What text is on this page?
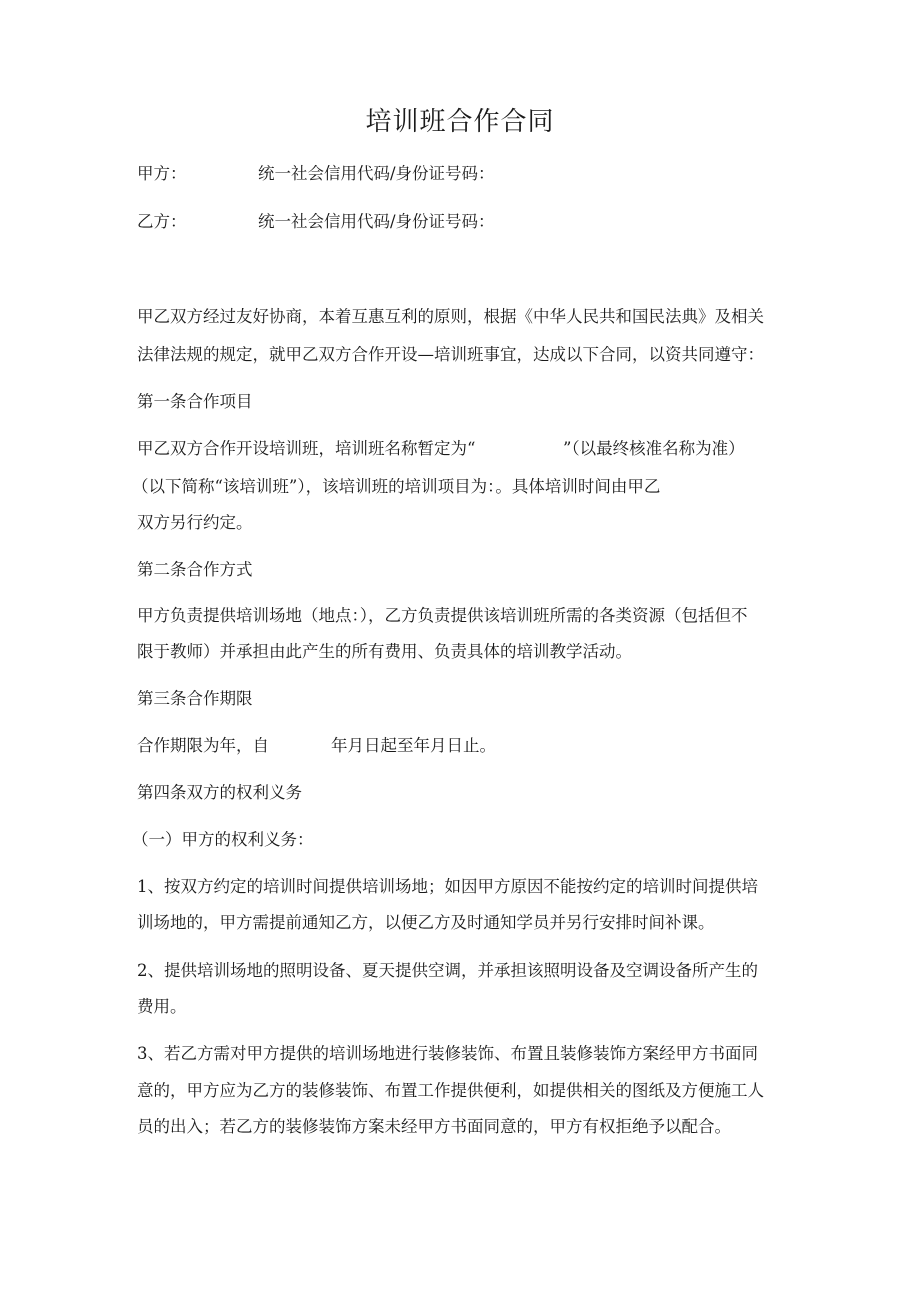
培训班合作合同
甲方：	统一社会信用代码/身份证号码：
乙方：	统一社会信用代码/身份证号码：
甲乙双方经过友好协商，本着互惠互利的原则，根据《中华人民共和国民法典》及相关
法律法规的规定，就甲乙双方合作开设—培训班事宜，达成以下合同，以资共同遵守：
第一条合作项目
甲乙双方合作开设培训班，培训班名称暂定为“	”（以最终核准名称为准）
（以下简称“该培训班”），该培训班的培训项目为：。具体培训时间由甲乙
双方另行约定。
第二条合作方式
甲方负责提供培训场地（地点：），乙方负责提供该培训班所需的各类资源（包括但不
限于教师）并承担由此产生的所有费用、负责具体的培训教学活动。
第三条合作期限
合作期限为年，自	年月日起至年月日止。
第四条双方的权利义务
（一）甲方的权利义务：
1、按双方约定的培训时间提供培训场地；如因甲方原因不能按约定的培训时间提供培
训场地的，甲方需提前通知乙方，以便乙方及时通知学员并另行安排时间补课。
2、提供培训场地的照明设备、夏天提供空调，并承担该照明设备及空调设备所产生的
费用。
3、若乙方需对甲方提供的培训场地进行装修装饰、布置且装修装饰方案经甲方书面同
意的，甲方应为乙方的装修装饰、布置工作提供便利，如提供相关的图纸及方便施工人
员的出入；若乙方的装修装饰方案未经甲方书面同意的，甲方有权拒绝予以配合。
